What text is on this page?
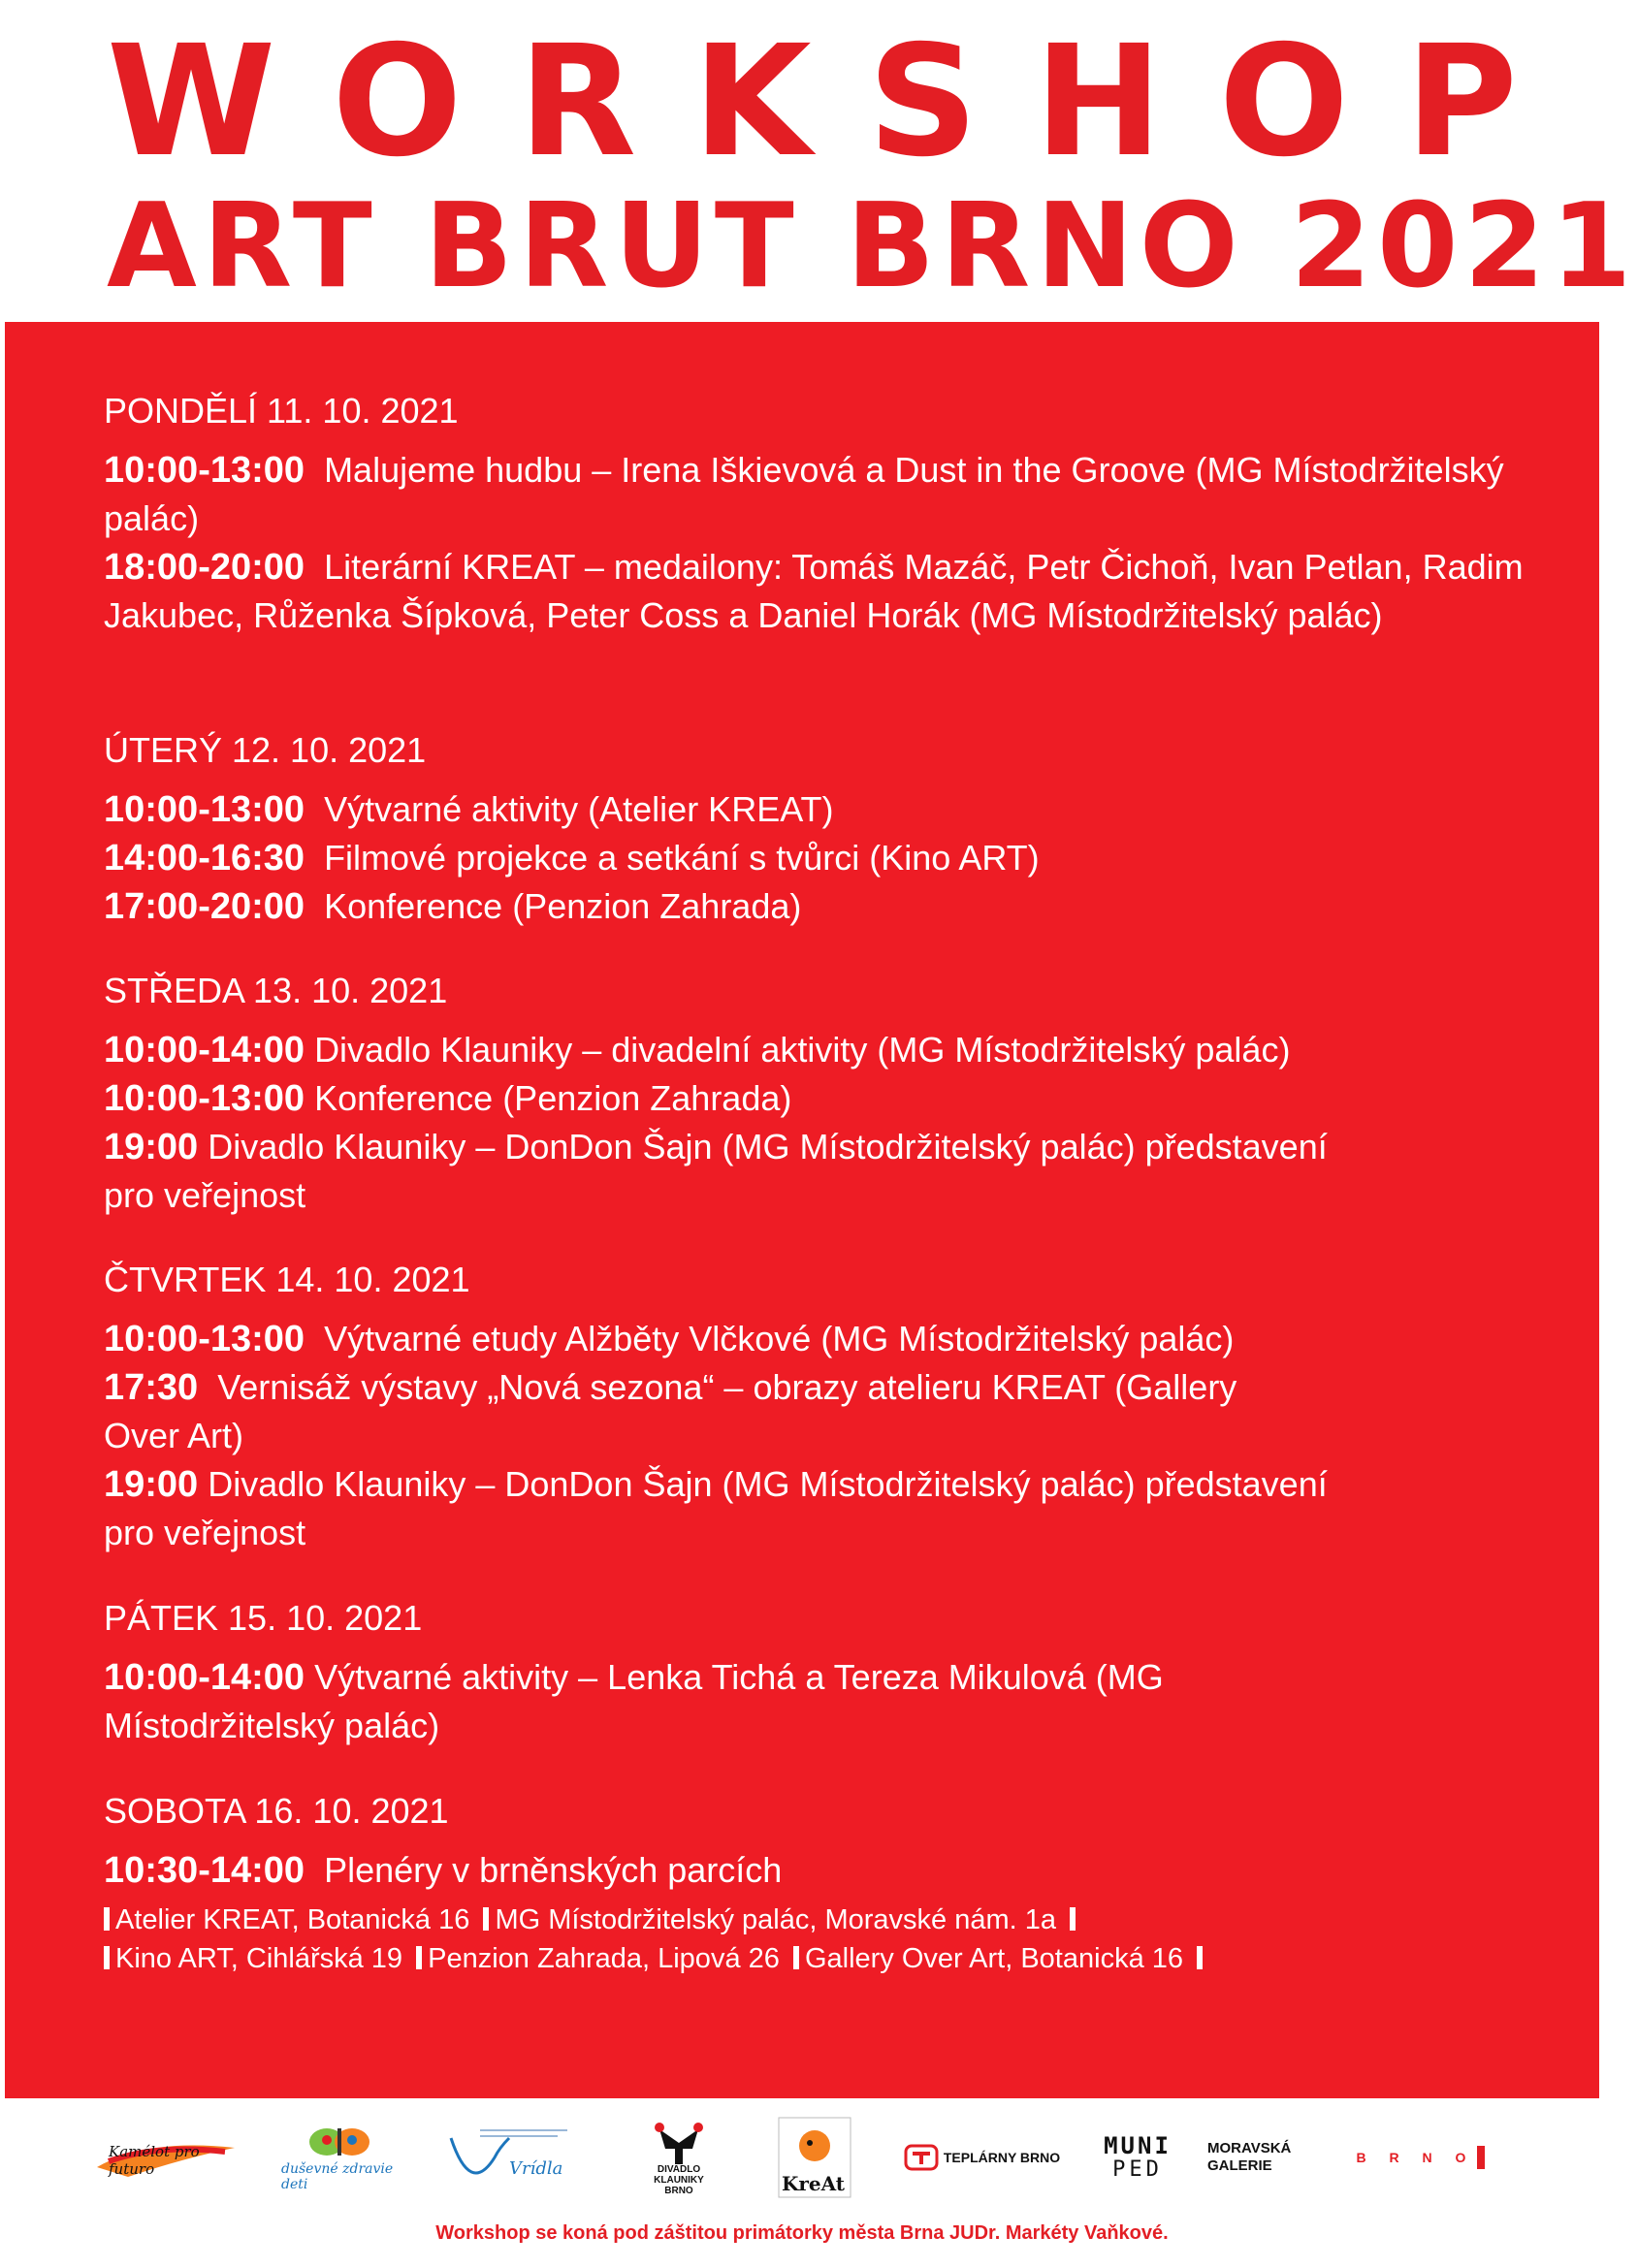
WORKSHOP
ART BRUT BRNO 2021
PONDĚLÍ 11. 10. 2021
10:00-13:00 Malujeme hudbu – Irena Iškievová a Dust in the Groove (MG Místodržitelský palác)
18:00-20:00 Literární KREAT – medailony: Tomáš Mazáč, Petr Čichoň, Ivan Petlan, Radim Jakubec, Růženka Šípková, Peter Coss a Daniel Horák (MG Místodržitelský palác)
ÚTERÝ 12. 10. 2021
10:00-13:00 Výtvarné aktivity (Atelier KREAT)
14:00-16:30 Filmové projekce a setkání s tvůrci (Kino ART)
17:00-20:00 Konference (Penzion Zahrada)
STŘEDA 13. 10. 2021
10:00-14:00 Divadlo Klauniky – divadelní aktivity (MG Místodržitelský palác)
10:00-13:00 Konference (Penzion Zahrada)
19:00 Divadlo Klauniky – DonDon Šajn (MG Místodržitelský palác) představení pro veřejnost
ČTVRTEK 14. 10. 2021
10:00-13:00 Výtvarné etudy Alžběty Vlčkové (MG Místodržitelský palác)
17:30 Vernisáž výstavy „Nová sezona“ – obrazy atelieru KREAT (Gallery Over Art)
19:00 Divadlo Klauniky – DonDon Šajn (MG Místodržitelský palác) představení pro veřejnost
PÁTEK 15. 10. 2021
10:00-14:00 Výtvarné aktivity – Lenka Tichá a Tereza Mikulová (MG Místodržitelský palác)
SOBOTA 16. 10. 2021
10:30-14:00 Plenéry v brněnských parcích
Atelier KREAT, Botanická 16 MG Místodržitelský palác, Moravské nám. 1a
Kino ART, Cihlářská 19 Penzion Zahrada, Lipová 26 Gallery Over Art, Botanická 16
Kamélot pro futuro	duševné zdravie deti
Vrídla	DIVADLO KLAUNIKY BRNO	KreAt
TEPLÁRNY BRNO MUNI
PED
MORAVSKÁ
GALERIE	B R N O
Workshop se koná pod záštitou primátorky města Brna JUDr. Markéty Vaňkové.
